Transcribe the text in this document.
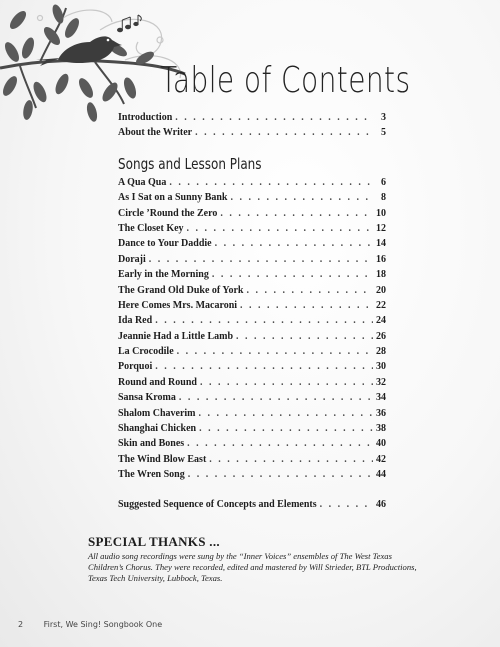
Table of Contents
Introduction .....	3
About the Writer .....	5
Songs and Lesson Plans
A Qua Qua .....	6
As I Sat on a Sunny Bank .....	8
Circle ’Round the Zero .....	10
The Closet Key .....	12
Dance to Your Daddie .....	14
Doraji .....	16
Early in the Morning .....	18
The Grand Old Duke of York .....	20
Here Comes Mrs. Macaroni .....	22
Ida Red .....	24
Jeannie Had a Little Lamb .....	26
La Crocodile .....	28
Porquoi .....	30
Round and Round .....	32
Sansa Kroma .....	34
Shalom Chaverim .....	36
Shanghai Chicken .....	38
Skin and Bones .....	40
The Wind Blow East .....	42
The Wren Song .....	44
Suggested Sequence of Concepts and Elements .....	46
SPECIAL THANKS ...

All audio song recordings were sung by the “Inner Voices” ensembles of The West Texas Children’s Chorus. They were recorded, edited and mastered by Will Strieder, BTL Productions, Texas Tech University, Lubbock, Texas.

2	First, We Sing! Songbook One
